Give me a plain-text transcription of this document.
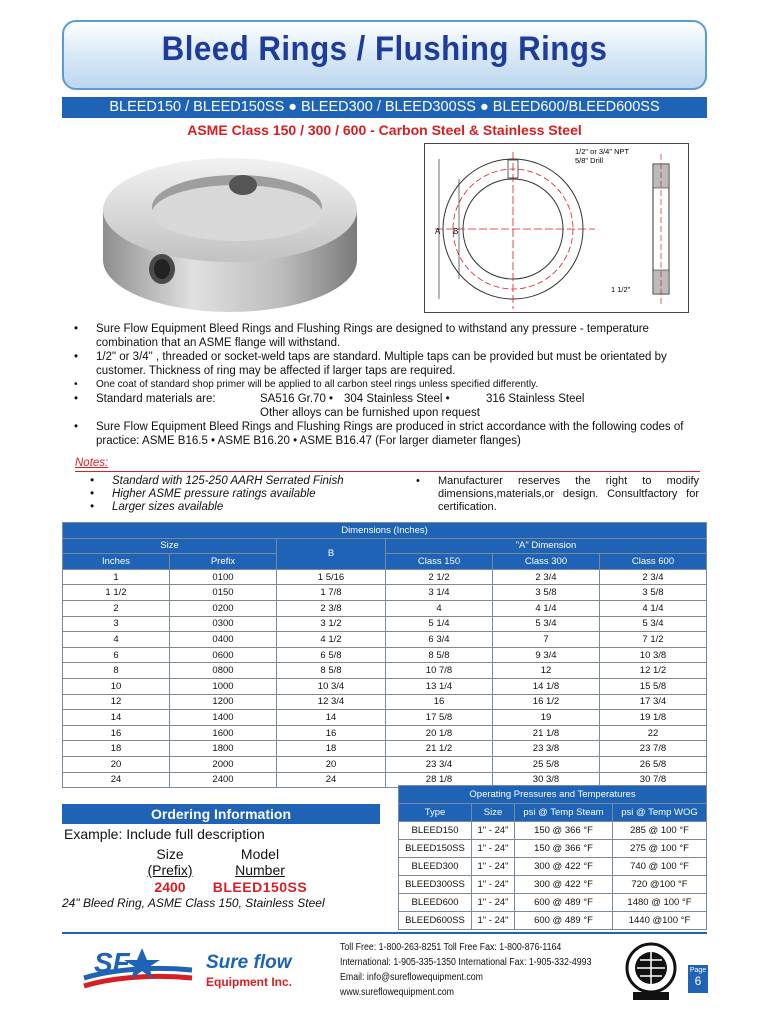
Bleed Rings / Flushing Rings
BLEED150 / BLEED150SS ● BLEED300 / BLEED300SS ● BLEED600/BLEED600SS
ASME Class 150 / 300 / 600 - Carbon Steel & Stainless Steel
A B
1/2" or 3/4" NPT
5/8" Drill
1 1/2"
• Sure Flow Equipment Bleed Rings and Flushing Rings are designed to withstand any pressure - temperature combination that an ASME flange will withstand.
• 1/2" or 3/4" , threaded or socket-weld taps are standard. Multiple taps can be provided but must be orientated by customer. Thickness of ring may be affected if larger taps are required.
• One coat of standard shop primer will be applied to all carbon steel rings unless specified differently.
• Standard materials are:	SA516 Gr.70 • 304 Stainless Steel •	316 Stainless Steel
Other alloys can be furnished upon request
• Sure Flow Equipment Bleed Rings and Flushing Rings are produced in strict accordance with the following codes of practice: ASME B16.5 • ASME B16.20 • ASME B16.47 (For larger diameter flanges)
Notes:
• Standard with 125-250 AARH Serrated Finish
• Higher ASME pressure ratings available
• Larger sizes available
• Manufacturer reserves the right to modify dimensions,materials,or design. Consultfactory for certification.
Dimensions (Inches)					
Size		B	"A" Dimension		
Inches	Prefix		Class 150	Class 300	Class 600
1	0100	1 5/16	2 1/2	2 3/4	2 3/4
1 1/2	0150	1 7/8	3 1/4	3 5/8	3 5/8
2	0200	2 3/8	4	4 1/4	4 1/4
3	0300	3 1/2	5 1/4	5 3/4	5 3/4
4	0400	4 1/2	6 3/4	7	7 1/2
6	0600	6 5/8	8 5/8	9 3/4	10 3/8
8	0800	8 5/8	10 7/8	12	12 1/2
10	1000	10 3/4	13 1/4	14 1/8	15 5/8
12	1200	12 3/4	16	16 1/2	17 3/4
14	1400	14	17 5/8	19	19 1/8
16	1600	16	20 1/8	21 1/8	22
18	1800	18	21 1/2	23 3/8	23 7/8
20	2000	20	23 3/4	25 5/8	26 5/8
24	2400	24	28 1/8	30 3/8	30 7/8
Ordering Information
Example: Include full description
Size
(Prefix)
Model
Number
2400	BLEED150SS
24" Bleed Ring, ASME Class 150, Stainless Steel
Operating Pressures and Temperatures			
Type	Size	psi @ Temp Steam	psi @ Temp WOG
BLEED150	1" - 24"	150 @ 366 °F	285 @ 100 °F
BLEED150SS	1" - 24"	150 @ 366 °F	275 @ 100 °F
BLEED300	1" - 24"	300 @ 422 °F	740 @ 100 °F
BLEED300SS	1" - 24"	300 @ 422 °F	720 @100 °F
BLEED600	1" - 24"	600 @ 489 °F	1480 @ 100 °F
BLEED600SS	1" - 24"	600 @ 489 °F	1440 @100 °F
SF	Sure flow
Equipment Inc.
Toll Free: 1-800-263-8251 Toll Free Fax: 1-800-876-1164
International: 1-905-335-1350 International Fax: 1-905-332-4993
Email: info@sureflowequipment.com www.sureflowequipment.com
Page
6
